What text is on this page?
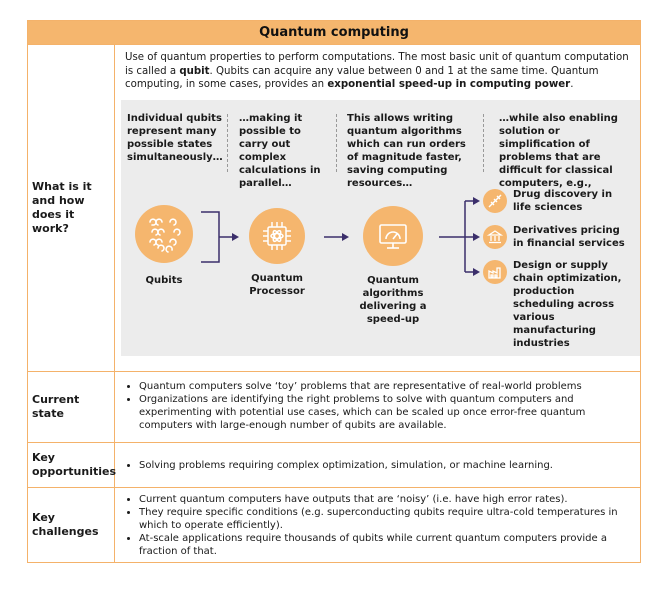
Quantum computing
What is it and how does it work?
Use of quantum properties to perform computations. The most basic unit of quantum computation is called a qubit. Qubits can acquire any value between 0 and 1 at the same time. Quantum computing, in some cases, provides an exponential speed-up in computing power.
Individual qubits represent many possible states simultaneously…
…making it possible to carry out complex calculations in parallel…
This allows writing quantum algorithms which can run orders of magnitude faster, saving computing resources…
…while also enabling solution or simplification of problems that are difficult for classical computers, e.g.,
Qubits	Quantum Processor
Quantum algorithms delivering a speed-up
Drug discovery in life sciences
Derivatives pricing in financial services
Design or supply chain optimization, production scheduling across various manufacturing industries
Current state
• Quantum computers solve ‘toy’ problems that are representative of real-world problems
• Organizations are identifying the right problems to solve with quantum computers and experimenting with potential use cases, which can be scaled up once error-free quantum computers with large-enough number of qubits are available.
Key opportunities
• Solving problems requiring complex optimization, simulation, or machine learning.
Key challenges
• Current quantum computers have outputs that are ‘noisy’ (i.e. have high error rates).
• They require specific conditions (e.g. superconducting qubits require ultra-cold temperatures in which to operate efficiently).
• At-scale applications require thousands of qubits while current quantum computers provide a fraction of that.
